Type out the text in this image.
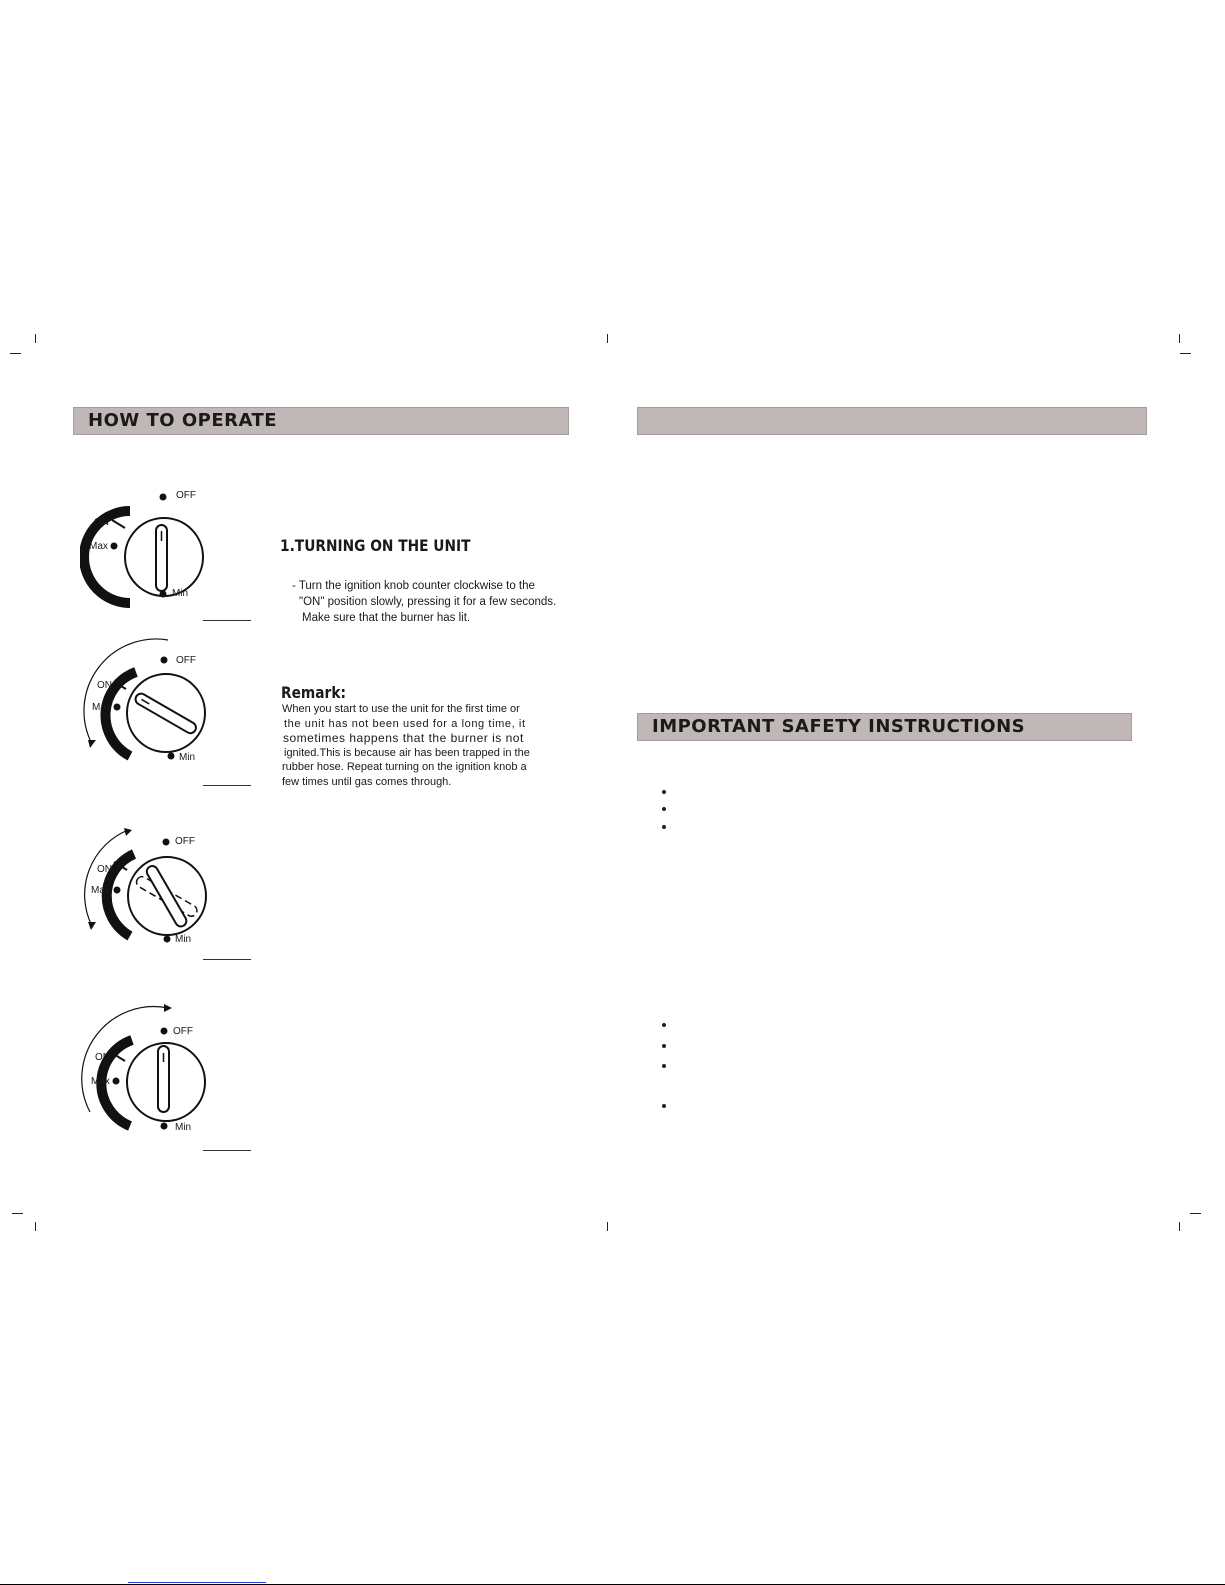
HOW TO OPERATE
OFF
ON
Max
Min
1.TURNING ON THE UNIT
- Turn the ignition knob counter clockwise to the
"ON" position slowly, pressing it for a few seconds.
Make sure that the burner has lit.
OFF
ON
Max
Min
Remark:
When you start to use the unit for the first time or
the unit has not been used for a long time, it
sometimes happens that the burner is not
ignited.This is because air has been trapped in the
rubber hose. Repeat turning on the ignition knob a
few times until gas comes through.
OFF
ON
Max
Min
OFF
ON
Max
Min
IMPORTANT SAFETY INSTRUCTIONS
